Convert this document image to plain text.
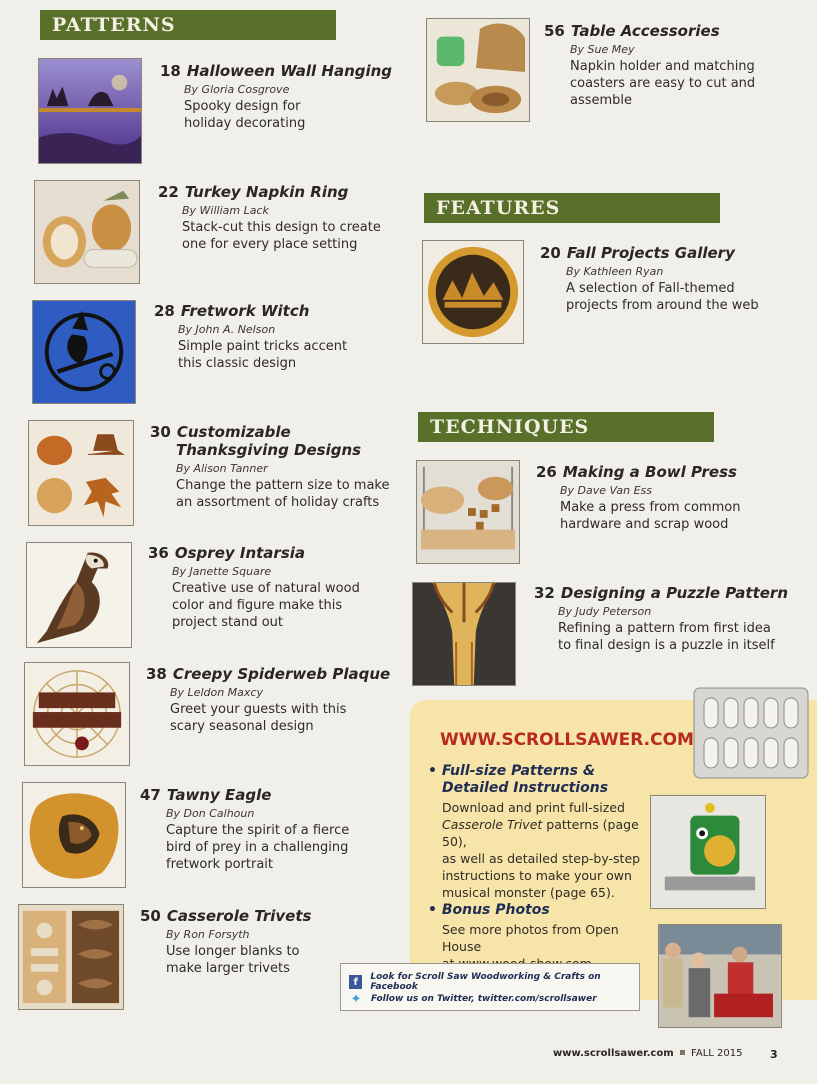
PATTERNS
18 Halloween Wall Hanging
By Gloria Cosgrove
Spooky design for
holiday decorating
22 Turkey Napkin Ring
By William Lack
Stack-cut this design to create
one for every place setting
28 Fretwork Witch
By John A. Nelson
Simple paint tricks accent
this classic design
30 Customizable
Thanksgiving Designs
By Alison Tanner
Change the pattern size to make
an assortment of holiday crafts
36 Osprey Intarsia
By Janette Square
Creative use of natural wood
color and figure make this
project stand out
38 Creepy Spiderweb Plaque
By Leldon Maxcy
Greet your guests with this
scary seasonal design
47 Tawny Eagle
By Don Calhoun
Capture the spirit of a fierce
bird of prey in a challenging
fretwork portrait
50 Casserole Trivets
By Ron Forsyth
Use longer blanks to
make larger trivets
56 Table Accessories
By Sue Mey
Napkin holder and matching
coasters are easy to cut and assemble
FEATURES
20 Fall Projects Gallery
By Kathleen Ryan
A selection of Fall-themed
projects from around the web
TECHNIQUES
26 Making a Bowl Press
By Dave Van Ess
Make a press from common
hardware and scrap wood
32 Designing a Puzzle Pattern
By Judy Peterson
Refining a pattern from first idea
to final design is a puzzle in itself
WWW.SCROLLSAWER.COM
• Full-size Patterns &
Detailed Instructions
Download and print full-sized
Casserole Trivet patterns (page 50),
as well as detailed step-by-step
instructions to make your own
musical monster (page 65).
• Bonus Photos
See more photos from Open House
f	Look for Scroll Saw Woodworking & Crafts on Facebook
✦ Follow us on Twitter, twitter.com/scrollsawer
www.scrollsawer.com FALL 2015	3
